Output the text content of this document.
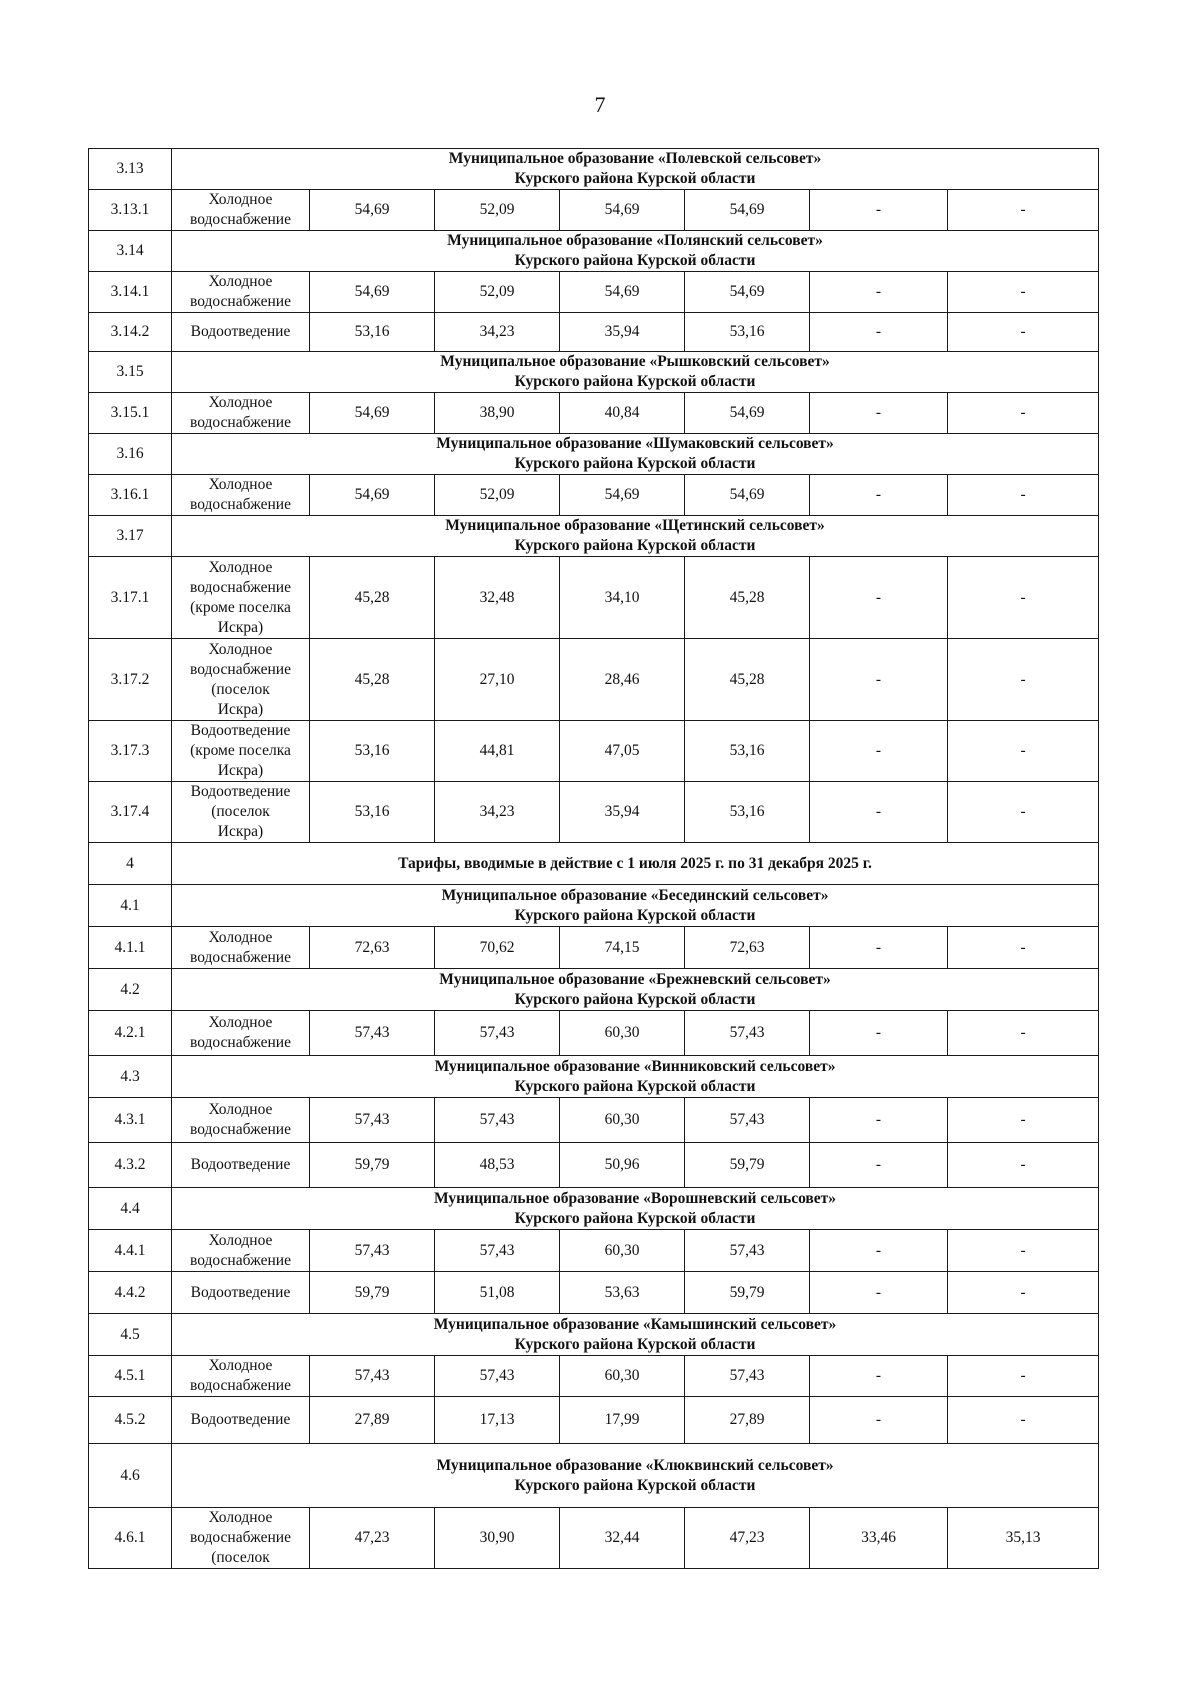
7
3.13	Муниципальное образование «Полевской сельсовет»
Курского района Курской области						

3.13.1	Холодное
водоснабжение	54,69	52,09	54,69	54,69	-	-
3.14	Муниципальное образование «Полянский сельсовет»
Курского района Курской области						

3.14.1	Холодное
водоснабжение	54,69	52,09	54,69	54,69	-	-
3.14.2	Водоотведение	53,16	34,23	35,94	53,16	-	-
3.15	Муниципальное образование «Рышковский сельсовет»
Курского района Курской области						

3.15.1	Холодное
водоснабжение	54,69	38,90	40,84	54,69	-	-
3.16	Муниципальное образование «Шумаковский сельсовет»
Курского района Курской области						

3.16.1	Холодное
водоснабжение	54,69	52,09	54,69	54,69	-	-
3.17	Муниципальное образование «Щетинский сельсовет»
Курского района Курской области						

3.17.1	Холодное
водоснабжение
(кроме поселка
Искра)	45,28	32,48	34,10	45,28	-	-
3.17.2	Холодное
водоснабжение
(поселок
Искра)	45,28	27,10	28,46	45,28	-	-
3.17.3	Водоотведение
(кроме поселка
Искра)	53,16	44,81	47,05	53,16	-	-
3.17.4	Водоотведение
(поселок
Искра)	53,16	34,23	35,94	53,16	-	-
4	Тарифы, вводимые в действие с 1 июля 2025 г. по 31 декабря 2025 г.						

4.1	Муниципальное образование «Бесединский сельсовет»
Курского района Курской области						

4.1.1	Холодное
водоснабжение	72,63	70,62	74,15	72,63	-	-
4.2	Муниципальное образование «Брежневский сельсовет»
Курского района Курской области						

4.2.1	Холодное
водоснабжение	57,43	57,43	60,30	57,43	-	-
4.3	Муниципальное образование «Винниковский сельсовет»
Курского района Курской области						

4.3.1	Холодное
водоснабжение	57,43	57,43	60,30	57,43	-	-
4.3.2	Водоотведение	59,79	48,53	50,96	59,79	-	-
4.4	Муниципальное образование «Ворошневский сельсовет»
Курского района Курской области						

4.4.1	Холодное
водоснабжение	57,43	57,43	60,30	57,43	-	-
4.4.2	Водоотведение	59,79	51,08	53,63	59,79	-	-
4.5	Муниципальное образование «Камышинский сельсовет»
Курского района Курской области						

4.5.1	Холодное
водоснабжение	57,43	57,43	60,30	57,43	-	-
4.5.2	Водоотведение	27,89	17,13	17,99	27,89	-	-
4.6	Муниципальное образование «Клюквинский сельсовет»
Курского района Курской области						

4.6.1	Холодное
водоснабжение
(поселок	47,23	30,90	32,44	47,23	33,46	35,13
